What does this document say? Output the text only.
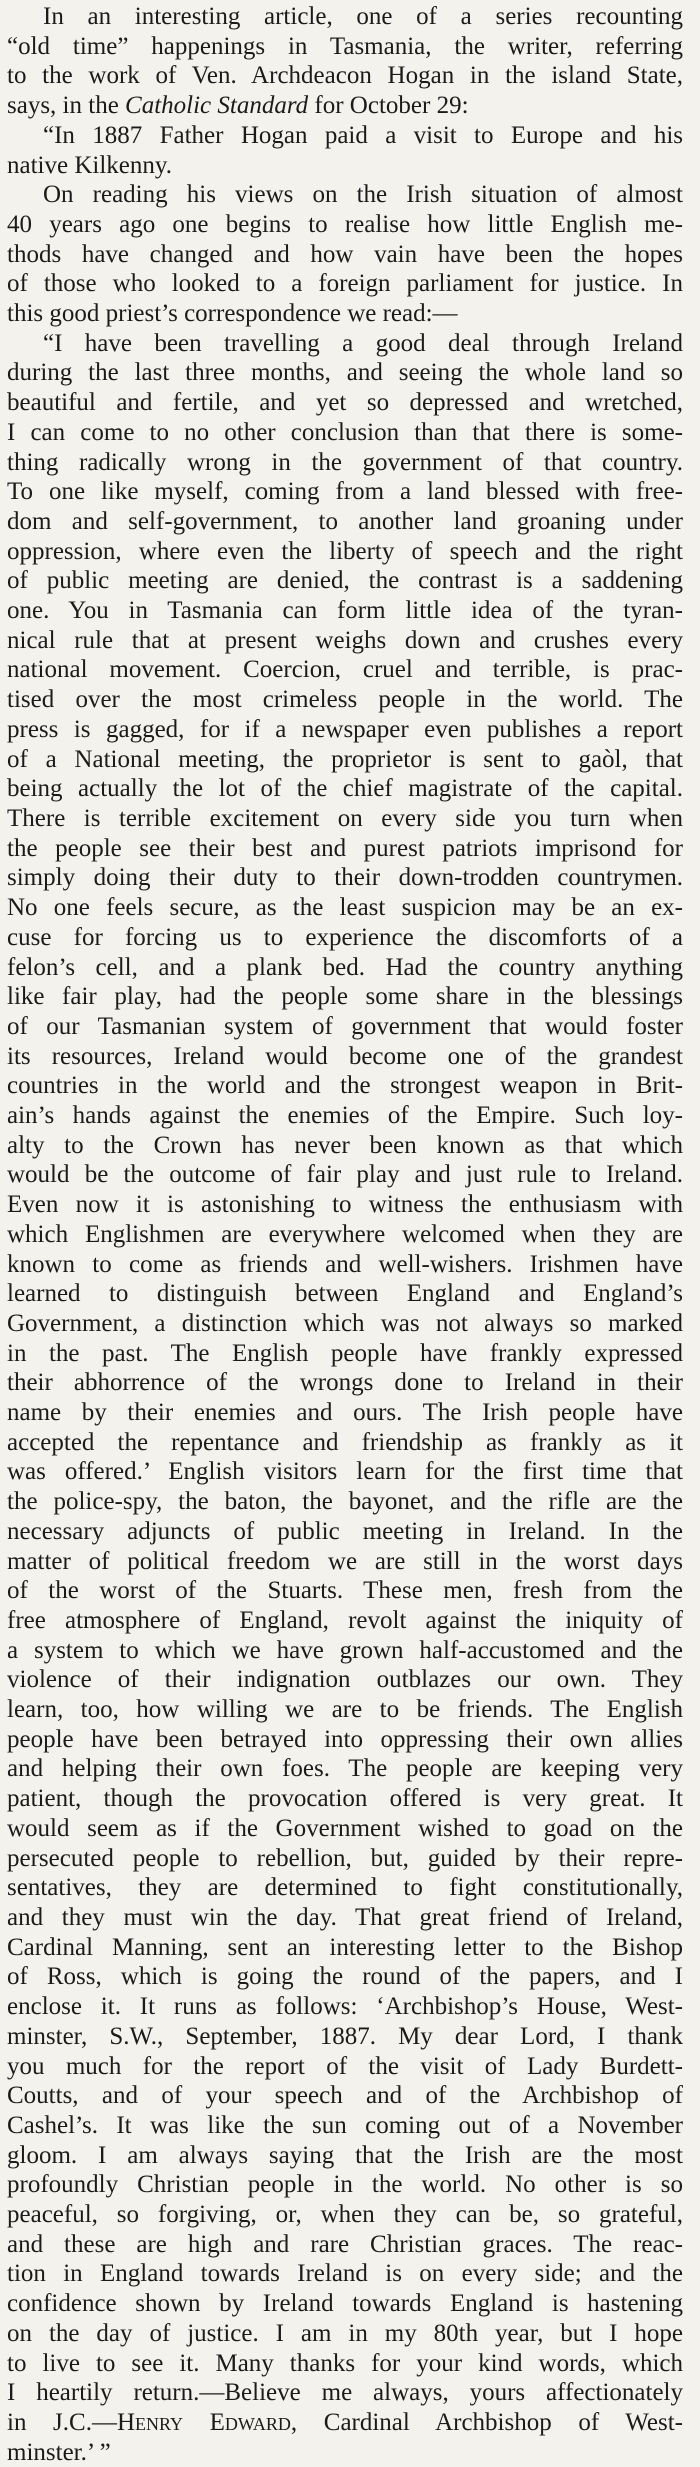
In an interesting article, one of a series recounting
“old time” happenings in Tasmania, the writer, referring
to the work of Ven. Archdeacon Hogan in the island State,
says, in the Catholic Standard for October 29:
“In 1887 Father Hogan paid a visit to Europe and his
native Kilkenny.
On reading his views on the Irish situation of almost
40 years ago one begins to realise how little English me-
thods have changed and how vain have been the hopes
of those who looked to a foreign parliament for justice. In
this good priest’s correspondence we read:—
“I have been travelling a good deal through Ireland
during the last three months, and seeing the whole land so
beautiful and fertile, and yet so depressed and wretched,
I can come to no other conclusion than that there is some-
thing radically wrong in the government of that country.
To one like myself, coming from a land blessed with free-
dom and self-government, to another land groaning under
oppression, where even the liberty of speech and the right
of public meeting are denied, the contrast is a saddening
one. You in Tasmania can form little idea of the tyran-
nical rule that at present weighs down and crushes every
national movement. Coercion, cruel and terrible, is prac-
tised over the most crimeless people in the world. The
press is gagged, for if a newspaper even publishes a report
of a National meeting, the proprietor is sent to gaòl, that
being actually the lot of the chief magistrate of the capital.
There is terrible excitement on every side you turn when
the people see their best and purest patriots imprisond for
simply doing their duty to their down-trodden countrymen.
No one feels secure, as the least suspicion may be an ex-
cuse for forcing us to experience the discomforts of a
felon’s cell, and a plank bed. Had the country anything
like fair play, had the people some share in the blessings
of our Tasmanian system of government that would foster
its resources, Ireland would become one of the grandest
countries in the world and the strongest weapon in Brit-
ain’s hands against the enemies of the Empire. Such loy-
alty to the Crown has never been known as that which
would be the outcome of fair play and just rule to Ireland.
Even now it is astonishing to witness the enthusiasm with
which Englishmen are everywhere welcomed when they are
known to come as friends and well-wishers. Irishmen have
learned to distinguish between England and England’s
Government, a distinction which was not always so marked
in the past. The English people have frankly expressed
their abhorrence of the wrongs done to Ireland in their
name by their enemies and ours. The Irish people have
accepted the repentance and friendship as frankly as it
was offered.’ English visitors learn for the first time that
the police-spy, the baton, the bayonet, and the rifle are the
necessary adjuncts of public meeting in Ireland. In the
matter of political freedom we are still in the worst days
of the worst of the Stuarts. These men, fresh from the
free atmosphere of England, revolt against the iniquity of
a system to which we have grown half-accustomed and the
violence of their indignation outblazes our own. They
learn, too, how willing we are to be friends. The English
people have been betrayed into oppressing their own allies
and helping their own foes. The people are keeping very
patient, though the provocation offered is very great. It
would seem as if the Government wished to goad on the
persecuted people to rebellion, but, guided by their repre-
sentatives, they are determined to fight constitutionally,
and they must win the day. That great friend of Ireland,
Cardinal Manning, sent an interesting letter to the Bishop
of Ross, which is going the round of the papers, and I
enclose it. It runs as follows: ‘Archbishop’s House, West-
minster, S.W., September, 1887. My dear Lord, I thank
you much for the report of the visit of Lady Burdett-
Coutts, and of your speech and of the Archbishop of
Cashel’s. It was like the sun coming out of a November
gloom. I am always saying that the Irish are the most
profoundly Christian people in the world. No other is so
peaceful, so forgiving, or, when they can be, so grateful,
and these are high and rare Christian graces. The reac-
tion in England towards Ireland is on every side; and the
confidence shown by Ireland towards England is hastening
on the day of justice. I am in my 80th year, but I hope
to live to see it. Many thanks for your kind words, which
I heartily return.—Believe me always, yours affectionately
in J.C.—Henry Edward, Cardinal Archbishop of West-
minster.’ ”
